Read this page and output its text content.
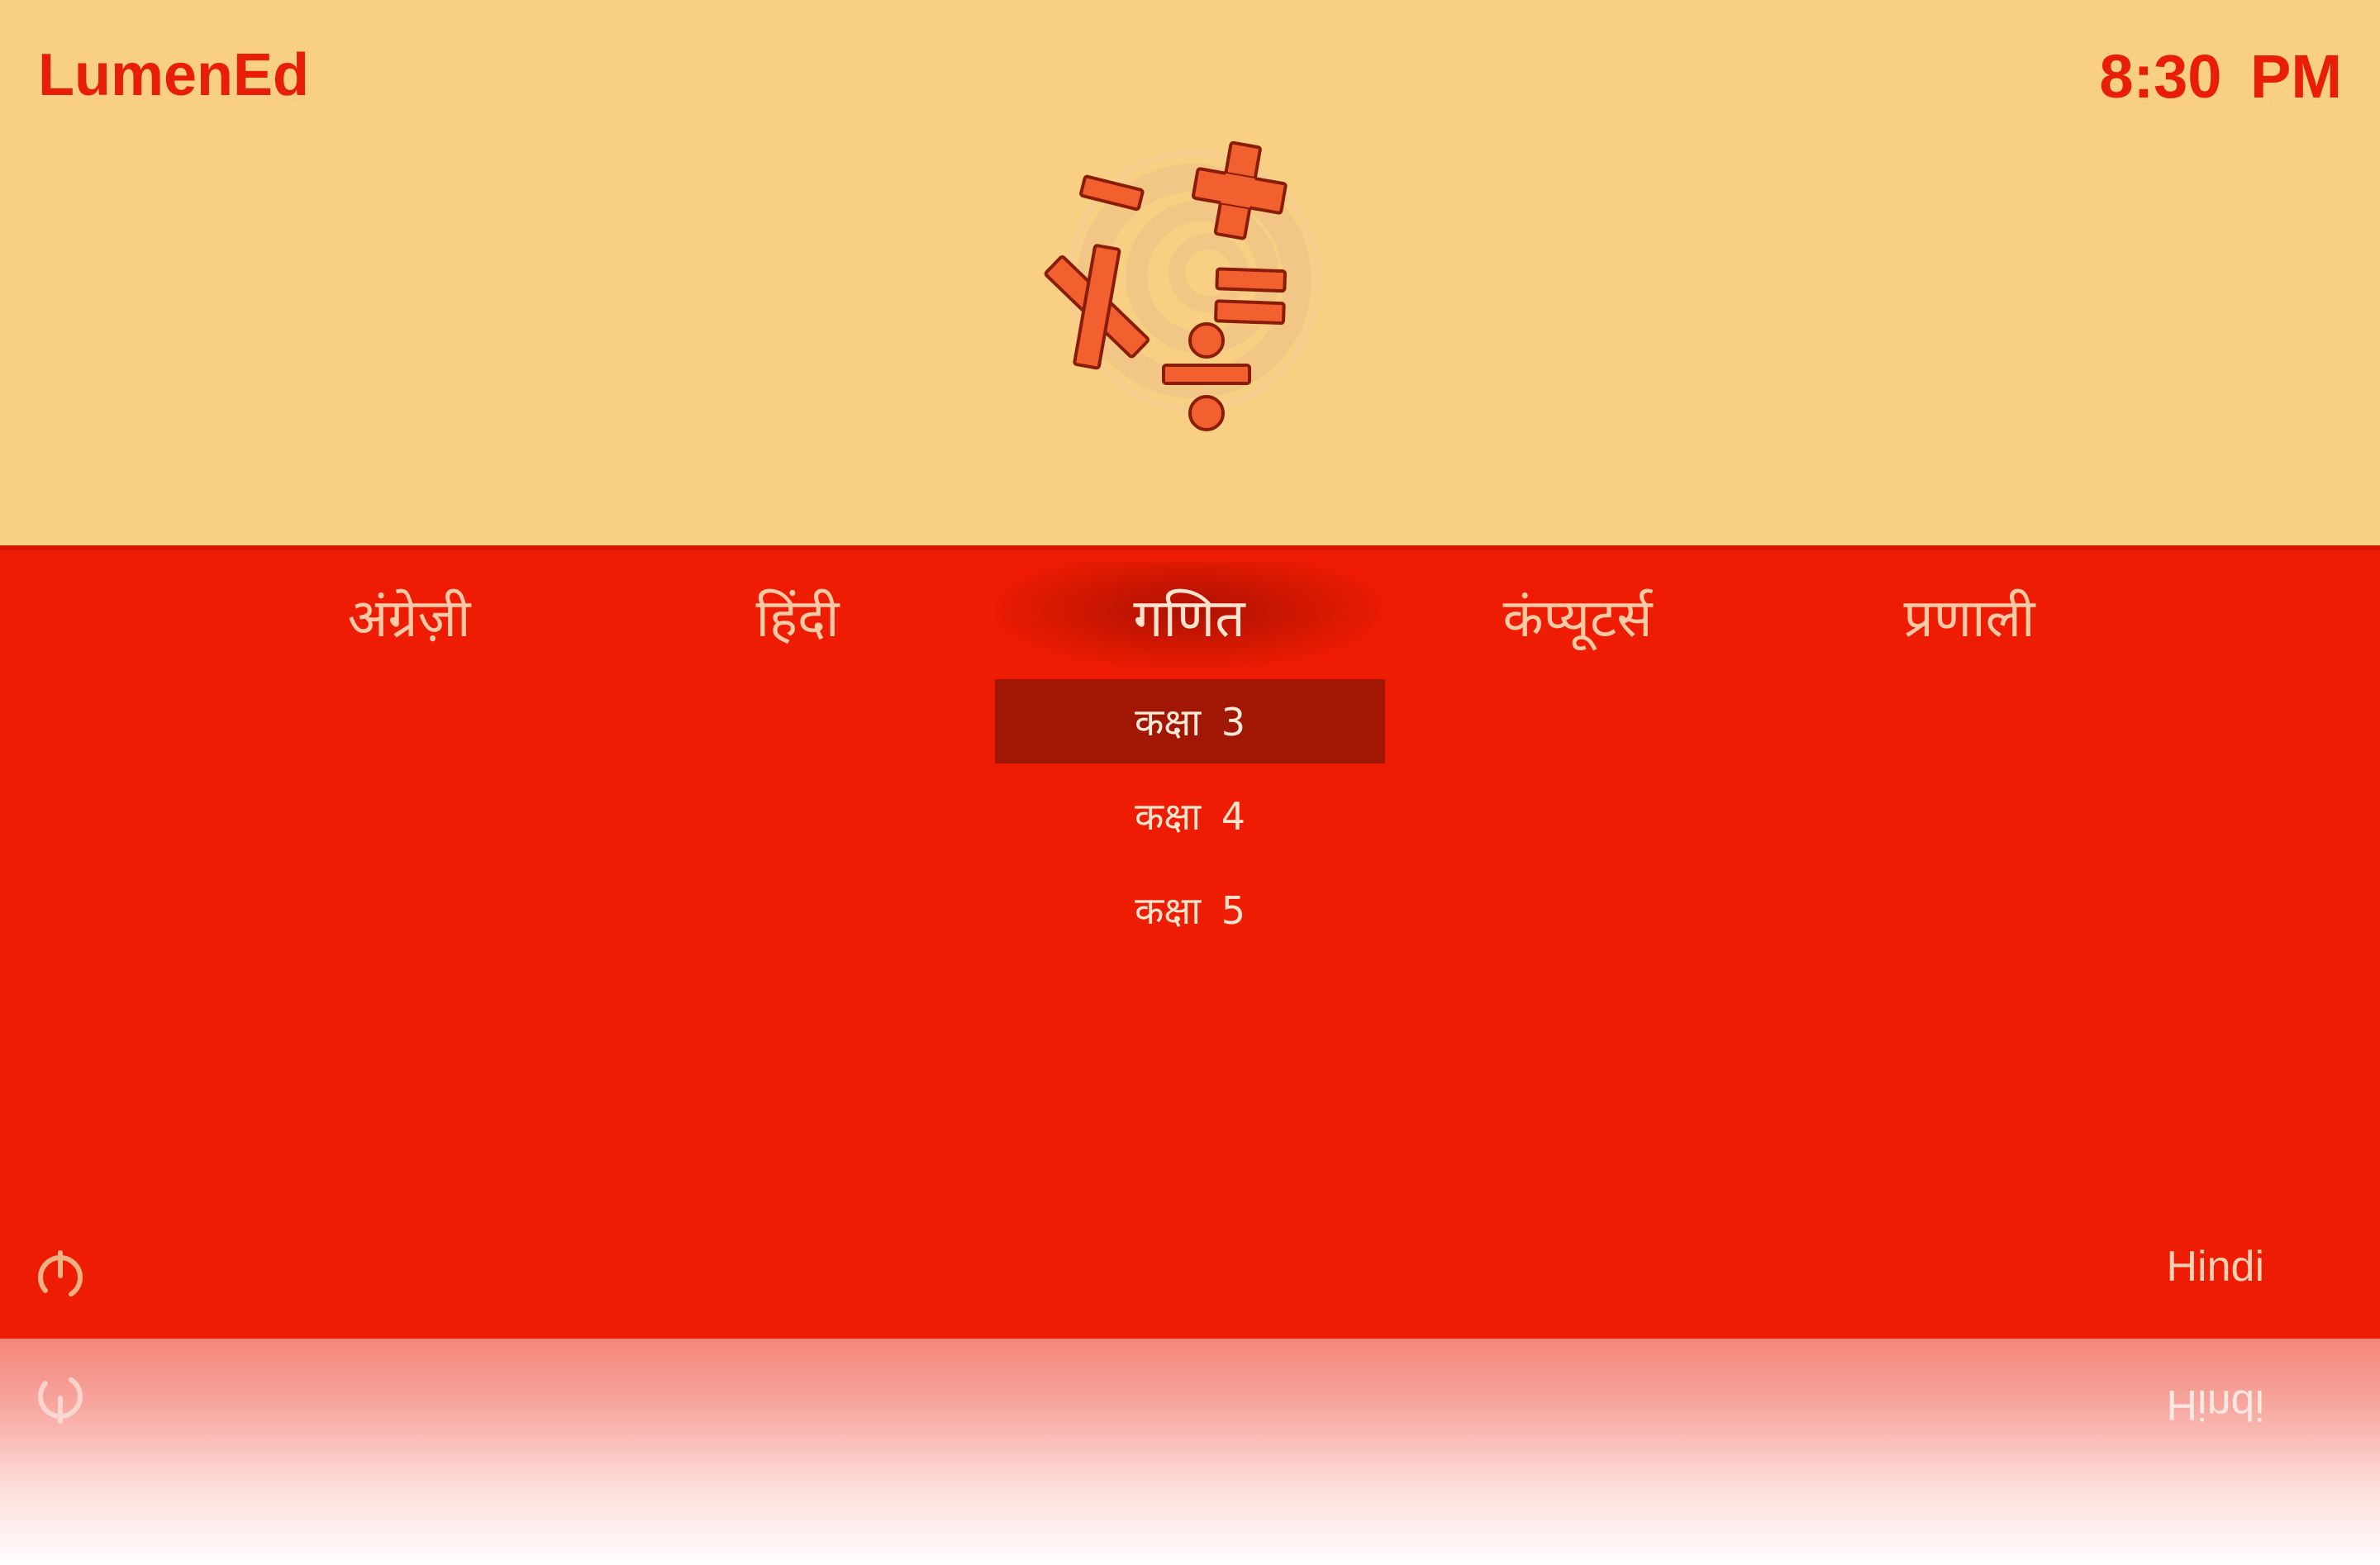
LumenEd	8:30 PM
अंग्रेज़ी	हिंदी	गणित	कंप्यूटर्स	प्रणाली
कक्षा 3
कक्षा 4
कक्षा 5
Hindi
Hindi
